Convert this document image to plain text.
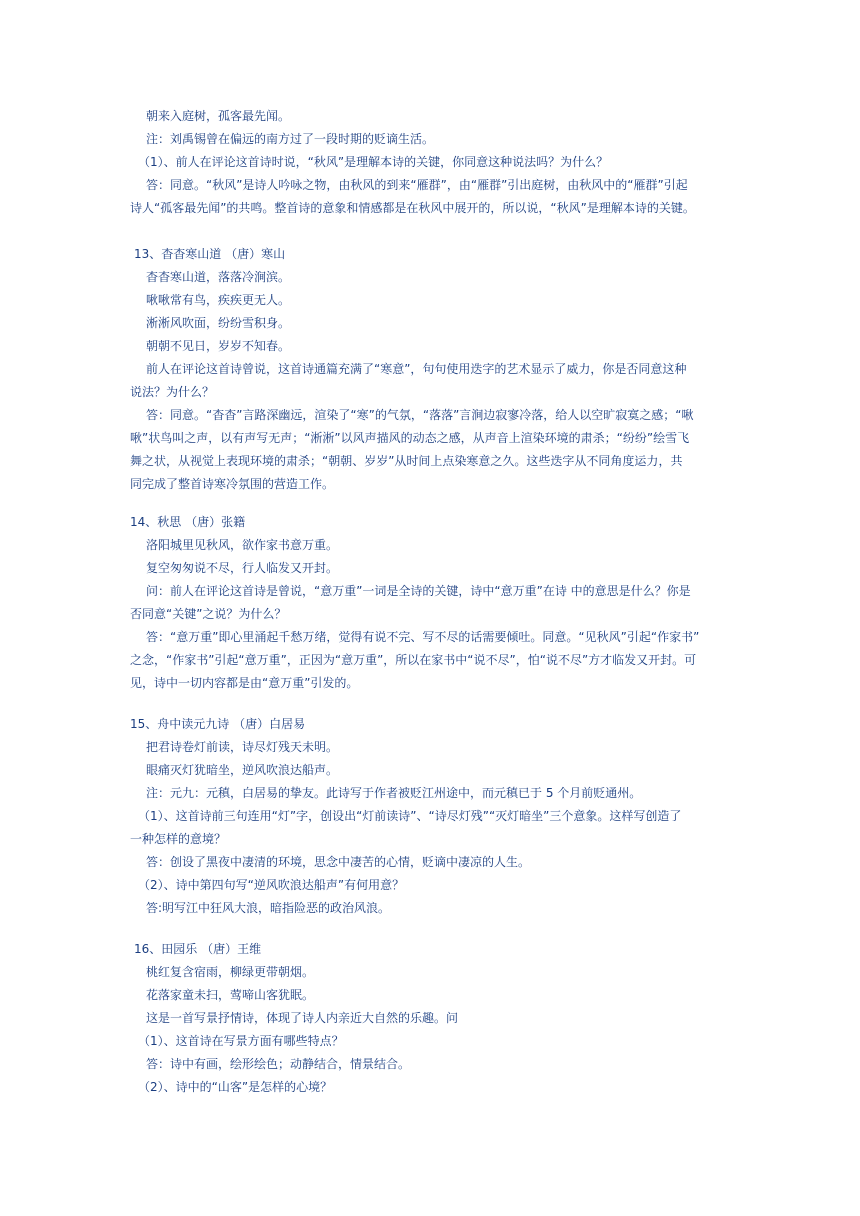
朝来入庭树，孤客最先闻。
注：刘禹锡曾在偏远的南方过了一段时期的贬谪生活。
（1）、前人在评论这首诗时说，“秋风”是理解本诗的关键，你同意这种说法吗？为什么？
答：同意。“秋风”是诗人吟咏之物，由秋风的到来“雁群”，由“雁群”引出庭树，由秋风中的“雁群”引起
诗人“孤客最先闻”的共鸣。整首诗的意象和情感都是在秋风中展开的，所以说，“秋风”是理解本诗的关键。
13、杳杳寒山道 （唐）寒山
杳杳寒山道，落落冷涧滨。
啾啾常有鸟，疾疾更无人。
淅淅风吹面，纷纷雪积身。
朝朝不见日，岁岁不知春。
前人在评论这首诗曾说，这首诗通篇充满了“寒意”，句句使用迭字的艺术显示了威力，你是否同意这种
说法？为什么？
答：同意。“杳杳”言路深幽远，渲染了“寒”的气氛，“落落”言涧边寂寥冷落，给人以空旷寂寞之感；“啾
啾”状鸟叫之声，以有声写无声；“淅淅”以风声描风的动态之感，从声音上渲染环境的肃杀；“纷纷”绘雪飞
舞之状，从视觉上表现环境的肃杀；“朝朝、岁岁”从时间上点染寒意之久。这些迭字从不同角度运力，共
同完成了整首诗寒冷氛围的营造工作。
14、秋思 （唐）张籍
洛阳城里见秋风，欲作家书意万重。
复空匆匆说不尽，行人临发又开封。
问：前人在评论这首诗是曾说，“意万重”一词是全诗的关键，诗中“意万重”在诗 中的意思是什么？你是
否同意“关键”之说？为什么？
答：“意万重”即心里涌起千愁万绪，觉得有说不完、写不尽的话需要倾吐。同意。“见秋风”引起“作家书”
之念，“作家书”引起“意万重”，正因为“意万重”，所以在家书中“说不尽”，怕“说不尽”方才临发又开封。可
见，诗中一切内容都是由“意万重”引发的。
15、舟中读元九诗 （唐）白居易
把君诗卷灯前读，诗尽灯残天未明。
眼痛灭灯犹暗坐，逆风吹浪达船声。
注：元九：元稹，白居易的挚友。此诗写于作者被贬江州途中，而元稹已于 5 个月前贬通州。
（1）、这首诗前三句连用“灯”字，创设出“灯前读诗”、“诗尽灯残”“灭灯暗坐”三个意象。这样写创造了
一种怎样的意境？
答：创设了黑夜中凄清的环境，思念中凄苦的心情，贬谪中凄凉的人生。
（2）、诗中第四句写“逆风吹浪达船声”有何用意？
答:明写江中狂风大浪，暗指险恶的政治风浪。
16、田园乐 （唐）王维
桃红复含宿雨，柳绿更带朝烟。
花落家童未扫，莺啼山客犹眠。
这是一首写景抒情诗，体现了诗人内亲近大自然的乐趣。问
（1）、这首诗在写景方面有哪些特点？
答：诗中有画，绘形绘色；动静结合，情景结合。
（2）、诗中的“山客”是怎样的心境？
